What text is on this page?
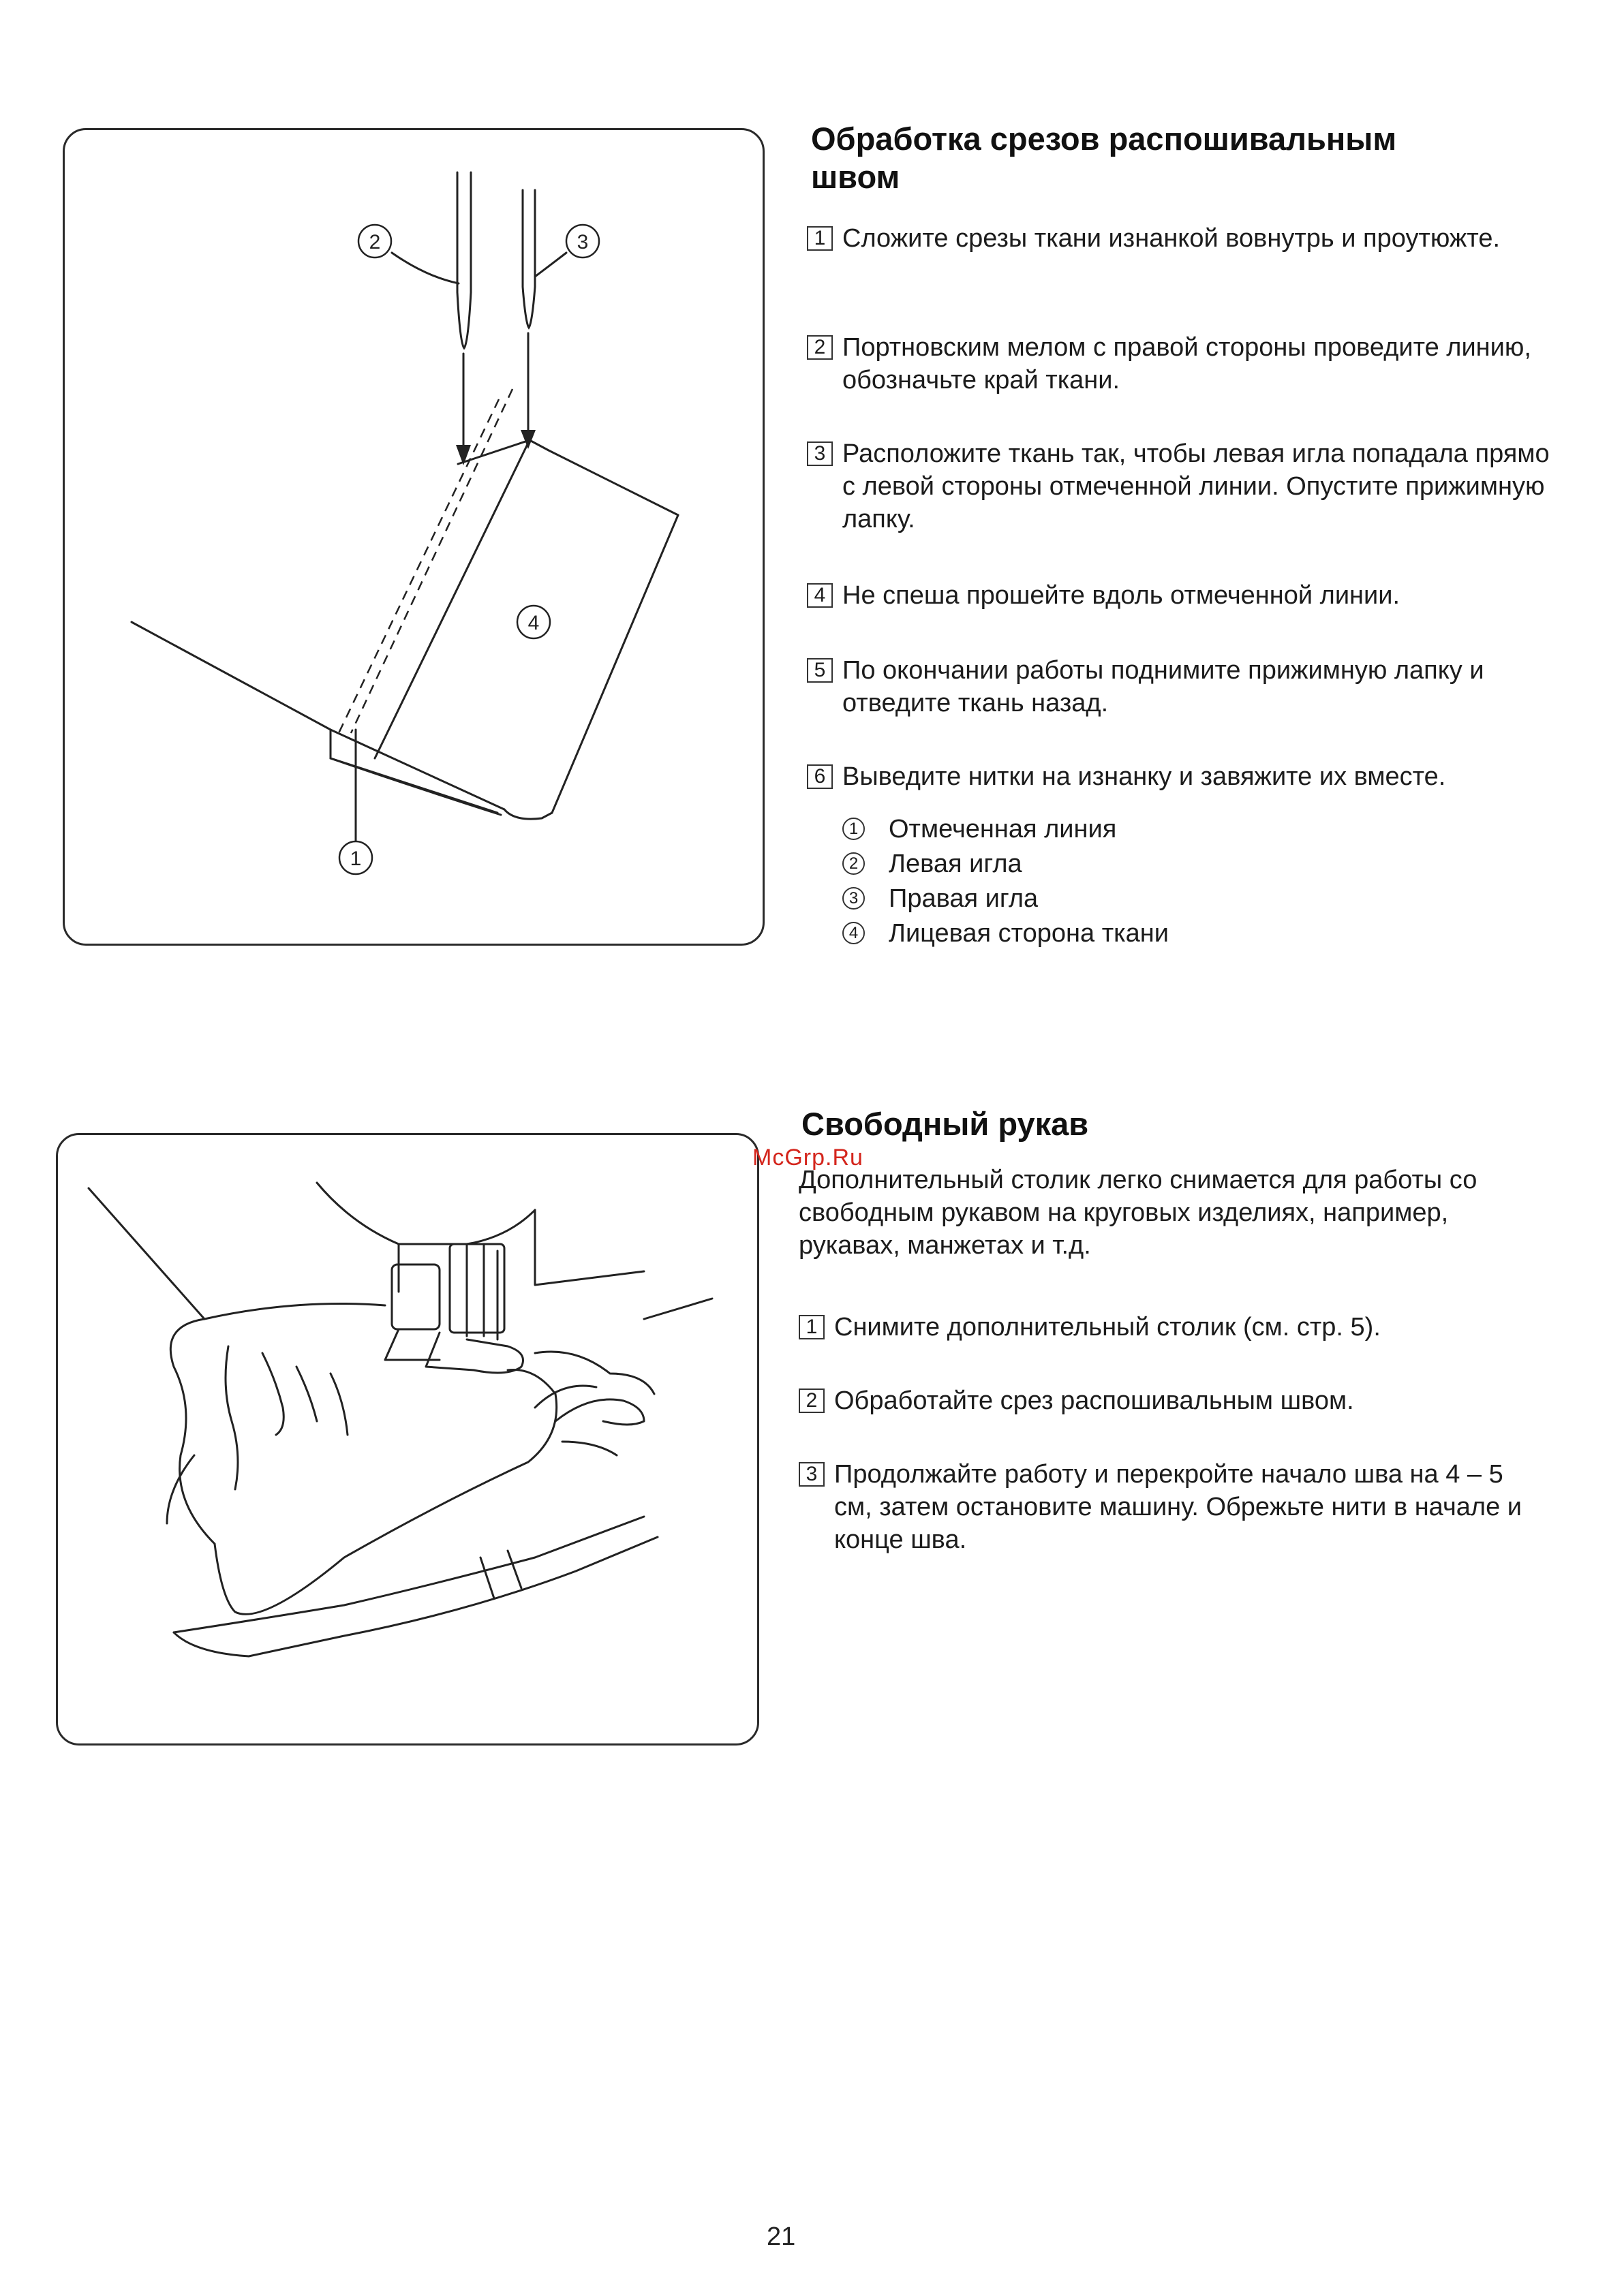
2	3
4
1
Обработка срезов распошивальным швом

1 Сложите срезы ткани изнанкой вовнутрь и проутюжте.

2 Портновским мелом с правой стороны проведите линию, обозначьте край ткани.

3 Расположите ткань так, чтобы левая игла попадала прямо с левой стороны отмеченной линии. Опустите прижимную лапку.

4 Не спеша прошейте вдоль отмеченной линии.

5 По окончании работы поднимите прижимную лапку и отведите ткань назад.

6 Выведите нитки на изнанку и завяжите их вместе.

1 Отмеченная линия
2 Левая игла
3 Правая игла
4 Лицевая сторона ткани
Свободный рукав
McGrp.Ru

Дополнительный столик легко снимается для работы со свободным рукавом на круговых изделиях, например, рукавах, манжетах и т.д.

1 Снимите дополнительный столик (см. стр. 5).

2 Обработайте срез распошивальным швом.

3 Продолжайте работу и перекройте начало шва на 4 – 5 см, затем остановите машину. Обрежьте нити в начале и конце шва.

21
